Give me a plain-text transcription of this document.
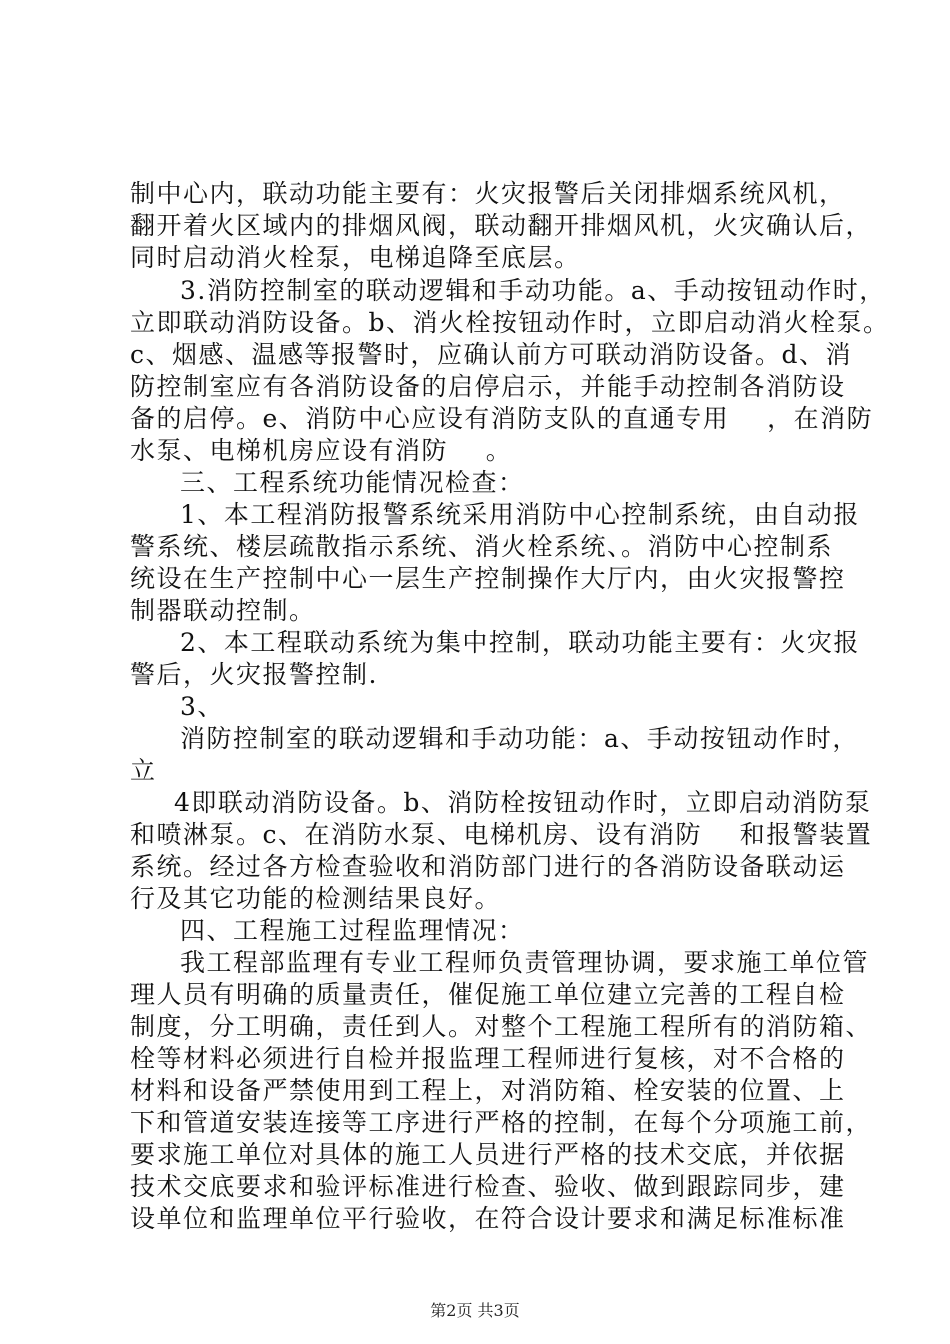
制中心内，联动功能主要有：火灾报警后关闭排烟系统风机，
翻开着火区域内的排烟风阀，联动翻开排烟风机，火灾确认后，
同时启动消火栓泵，电梯追降至底层。
3.消防控制室的联动逻辑和手动功能。a、手动按钮动作时，
立即联动消防设备。b、消火栓按钮动作时，立即启动消火栓泵。
c、烟感、温感等报警时，应确认前方可联动消防设备。d、消
防控制室应有各消防设备的启停启示，并能手动控制各消防设
备的启停。e、消防中心应设有消防支队的直通专用    ，在消防
水泵、电梯机房应设有消防    。
三、工程系统功能情况检查：
1、本工程消防报警系统采用消防中心控制系统，由自动报
警系统、楼层疏散指示系统、消火栓系统、。消防中心控制系
统设在生产控制中心一层生产控制操作大厅内，由火灾报警控
制器联动控制。
2、本工程联动系统为集中控制，联动功能主要有：火灾报
警后，火灾报警控制.
3、
消防控制室的联动逻辑和手动功能：a、手动按钮动作时，
立
4即联动消防设备。b、消防栓按钮动作时，立即启动消防泵
和喷淋泵。c、在消防水泵、电梯机房、设有消防    和报警装置
系统。经过各方检查验收和消防部门进行的各消防设备联动运
行及其它功能的检测结果良好。
四、工程施工过程监理情况：
我工程部监理有专业工程师负责管理协调，要求施工单位管
理人员有明确的质量责任，催促施工单位建立完善的工程自检
制度，分工明确，责任到人。对整个工程施工程所有的消防箱、
栓等材料必须进行自检并报监理工程师进行复核，对不合格的
材料和设备严禁使用到工程上，对消防箱、栓安装的位置、上
下和管道安装连接等工序进行严格的控制，在每个分项施工前，
要求施工单位对具体的施工人员进行严格的技术交底，并依据
技术交底要求和验评标准进行检查、验收、做到跟踪同步，建
设单位和监理单位平行验收，在符合设计要求和满足标准标准
第2页 共3页
